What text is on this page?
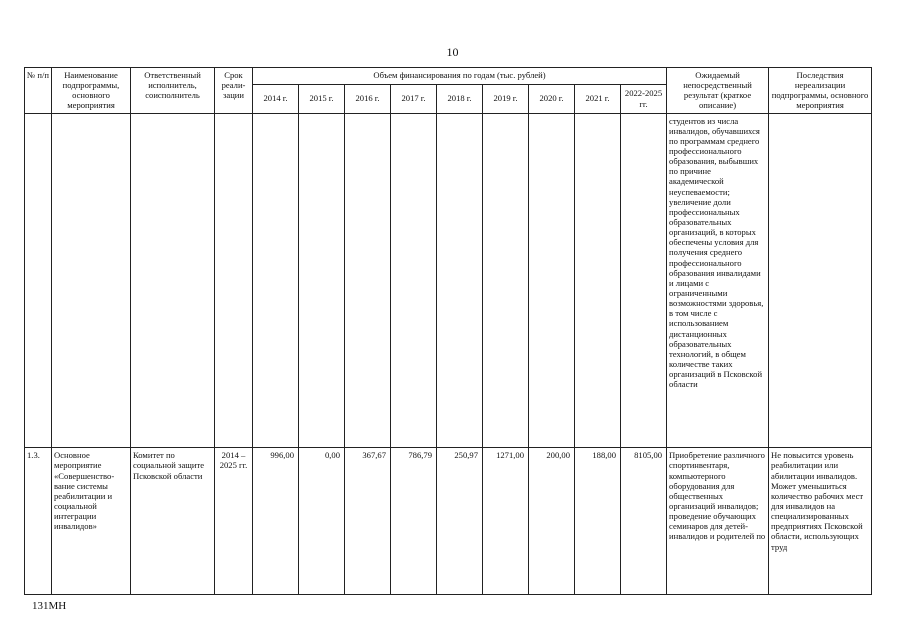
10
№ п/п	Наименование подпрограммы, основного мероприятия	Ответственный исполнитель, соисполнитель	Срок реали-зации	Объем финансирования по годам (тыс. рублей)									Ожидаемый непосредственный результат (краткое описание)	Последствия нереализации подпрограммы, основного мероприятия
				2014 г.	2015 г.	2016 г.	2017 г.	2018 г.	2019 г.	2020 г.	2021 г.	2022-2025 гг.		
													студентов из числа инвалидов, обучавшихся по программам среднего профессионального образования, выбывших по причине академической неуспеваемости; увеличение доли профессиональных образовательных организаций, в которых обеспечены условия для получения среднего профессионального образования инвалидами и лицами с ограниченными возможностями здоровья, в том числе с использованием дистанционных образовательных технологий, в общем количестве таких организаций в Псковской области	
1.3.	Основное мероприятие «Совершенство-вание системы реабилитации и социальной интеграции инвалидов»	Комитет по социальной защите Псковской области	2014 – 2025 гг.	996,00	0,00	367,67	786,79	250,97	1271,00	200,00	188,00	8105,00	Приобретение различного спортинвентаря, компьютерного оборудования для общественных организаций инвалидов; проведение обучающих семинаров для детей-инвалидов и родителей по	Не повысится уровень реабилитации или абилитации инвалидов.
Может уменьшиться количество рабочих мест для инвалидов на специализированных предприятиях Псковской области, использующих труд
131МН
